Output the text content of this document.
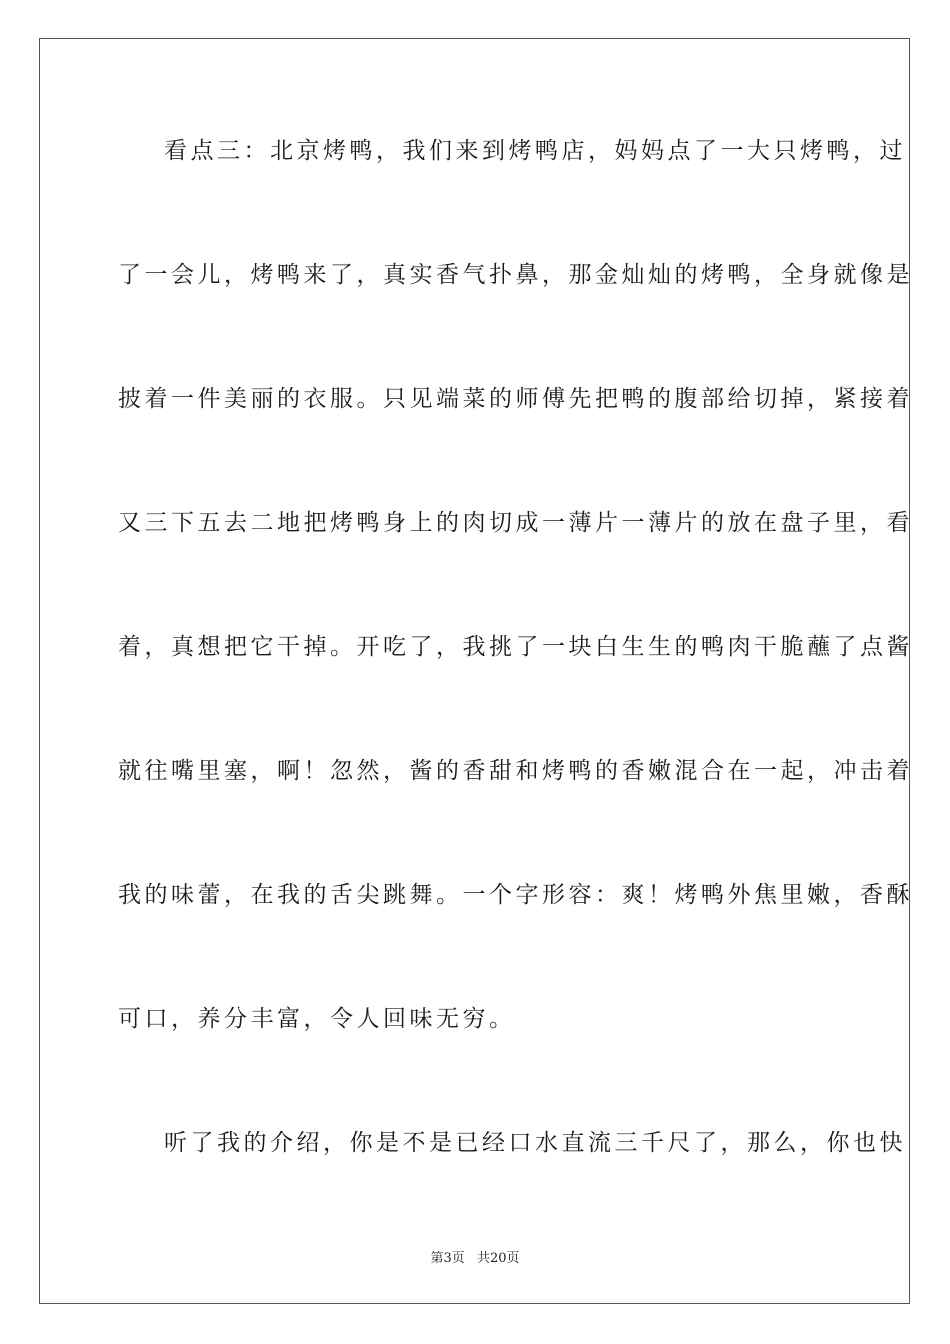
看点三：北京烤鸭，我们来到烤鸭店，妈妈点了一大只烤鸭，过
了一会儿，烤鸭来了，真实香气扑鼻，那金灿灿的烤鸭，全身就像是
披着一件美丽的衣服。只见端菜的师傅先把鸭的腹部给切掉，紧接着
又三下五去二地把烤鸭身上的肉切成一薄片一薄片的放在盘子里，看
着，真想把它干掉。开吃了，我挑了一块白生生的鸭肉干脆蘸了点酱
就往嘴里塞，啊！忽然，酱的香甜和烤鸭的香嫩混合在一起，冲击着
我的味蕾，在我的舌尖跳舞。一个字形容：爽！烤鸭外焦里嫩，香酥
可口，养分丰富，令人回味无穷。
听了我的介绍，你是不是已经口水直流三千尺了，那么，你也快
第3页 共20页
